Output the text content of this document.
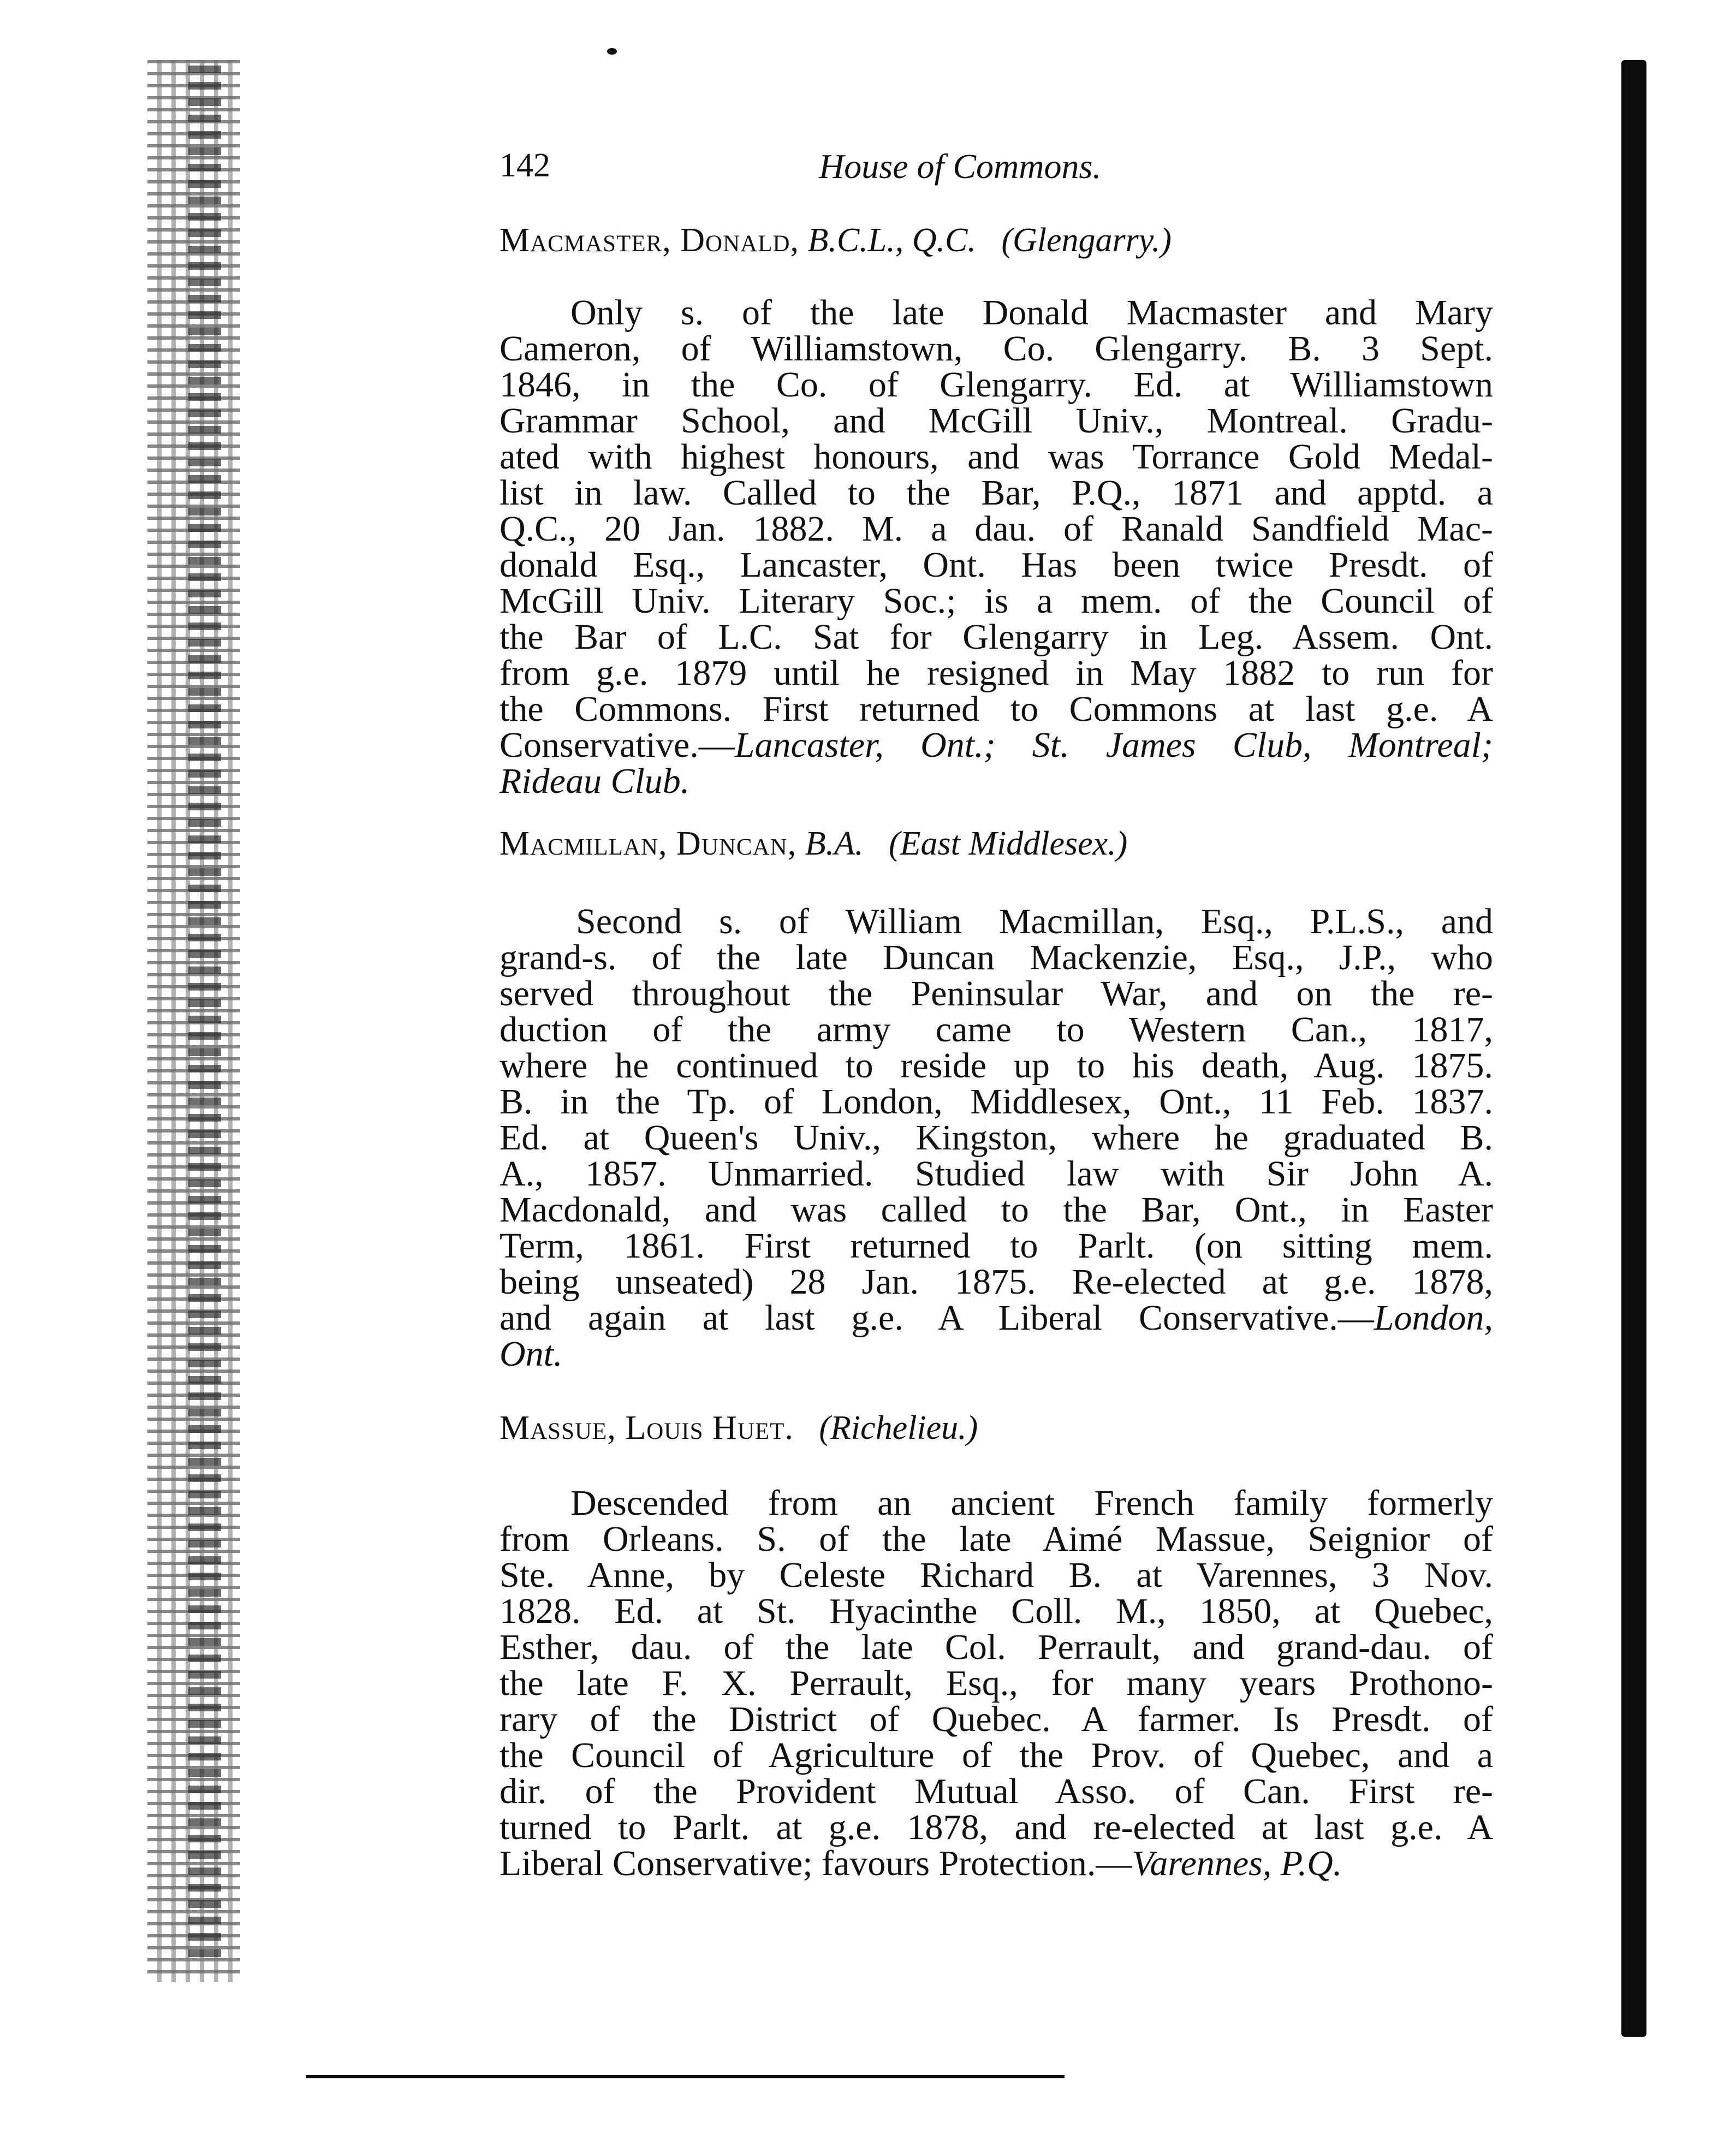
142	House of Commons.
Macmaster, Donald, B.C.L., Q.C. (Glengarry.)
Only s. of the late Donald Macmaster and Mary
Cameron, of Williamstown, Co. Glengarry. B. 3 Sept.
1846, in the Co. of Glengarry. Ed. at Williamstown
Grammar School, and McGill Univ., Montreal. Gradu-
ated with highest honours, and was Torrance Gold Medal-
list in law. Called to the Bar, P.Q., 1871 and apptd. a
Q.C., 20 Jan. 1882. M. a dau. of Ranald Sandfield Mac-
donald Esq., Lancaster, Ont. Has been twice Presdt. of
McGill Univ. Literary Soc.; is a mem. of the Council of
the Bar of L.C. Sat for Glengarry in Leg. Assem. Ont.
from g.e. 1879 until he resigned in May 1882 to run for
the Commons. First returned to Commons at last g.e. A
Conservative.—Lancaster, Ont.; St. James Club, Montreal;
Rideau Club.
Macmillan, Duncan, B.A. (East Middlesex.)
Second s. of William Macmillan, Esq., P.L.S., and
grand-s. of the late Duncan Mackenzie, Esq., J.P., who
served throughout the Peninsular War, and on the re-
duction of the army came to Western Can., 1817,
where he continued to reside up to his death, Aug. 1875.
B. in the Tp. of London, Middlesex, Ont., 11 Feb. 1837.
Ed. at Queen's Univ., Kingston, where he graduated B.
A., 1857. Unmarried. Studied law with Sir John A.
Macdonald, and was called to the Bar, Ont., in Easter
Term, 1861. First returned to Parlt. (on sitting mem.
being unseated) 28 Jan. 1875. Re-elected at g.e. 1878,
and again at last g.e. A Liberal Conservative.—London,
Ont.
Massue, Louis Huet. (Richelieu.)
Descended from an ancient French family formerly
from Orleans. S. of the late Aimé Massue, Seignior of
Ste. Anne, by Celeste Richard B. at Varennes, 3 Nov.
1828. Ed. at St. Hyacinthe Coll. M., 1850, at Quebec,
Esther, dau. of the late Col. Perrault, and grand-dau. of
the late F. X. Perrault, Esq., for many years Prothono-
rary of the District of Quebec. A farmer. Is Presdt. of
the Council of Agriculture of the Prov. of Quebec, and a
dir. of the Provident Mutual Asso. of Can. First re-
turned to Parlt. at g.e. 1878, and re-elected at last g.e. A
Liberal Conservative; favours Protection.—Varennes, P.Q.
